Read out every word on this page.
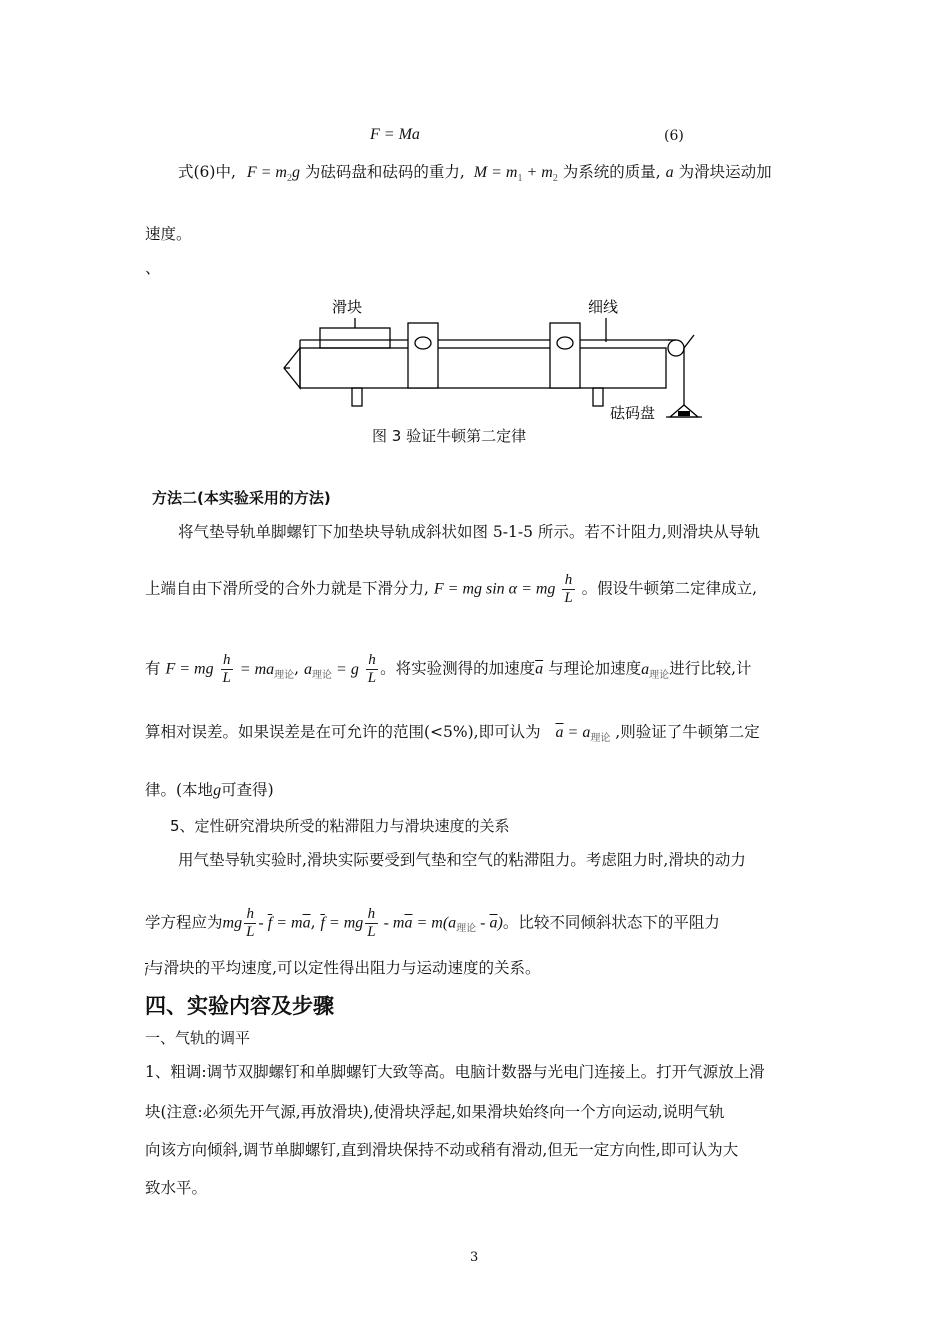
F = Ma	(6)
式(6)中, $F = m_2g$ 为砝码盘和砝码的重力, $M = m_1 + m_2$ 为系统的质量, a 为滑块运动加
速度。
、
滑块	细线
砝码盘
图 3 验证牛顿第二定律
方法二(本实验采用的方法)
将气垫导轨单脚螺钉下加垫块导轨成斜状如图 5-1-5 所示。若不计阻力,则滑块从导轨
上端自由下滑所受的合外力就是下滑分力, F = mg sin α = mg $\frac{h}{L}$ 。假设牛顿第二定律成立,
有 F = mg $\frac{h}{L} = ma_{理论}$, $a_{理论} = g \frac{h}{L}$ 。将实验测得的加速度$\overline{a}$ 与理论加速度$a_{理论}$进行比较,计
算相对误差。如果误差是在可允许的范围(<5%),即可认为 $\overline{a} = a_{理论}$ ,则验证了牛顿第二定
律。(本地g可查得)
5、定性研究滑块所受的粘滞阻力与滑块速度的关系
用气垫导轨实验时,滑块实际要受到气垫和空气的粘滞阻力。考虑阻力时,滑块的动力
学方程应为mg $\frac{h}{L} - \overline{f} = m\overline{a}$, $\overline{f}$ = mg $\frac{h}{L} - m\overline{a} = m(a_{理论} - \overline{a})$。比较不同倾斜状态下的平阻力
$\overline{f}$与滑块的平均速度,可以定性得出阻力与运动速度的关系。
四、实验内容及步骤
一、气轨的调平
1、粗调:调节双脚螺钉和单脚螺钉大致等高。电脑计数器与光电门连接上。打开气源放上滑
块(注意:必须先开气源,再放滑块),使滑块浮起,如果滑块始终向一个方向运动,说明气轨
向该方向倾斜,调节单脚螺钉,直到滑块保持不动或稍有滑动,但无一定方向性,即可认为大
致水平。
3
